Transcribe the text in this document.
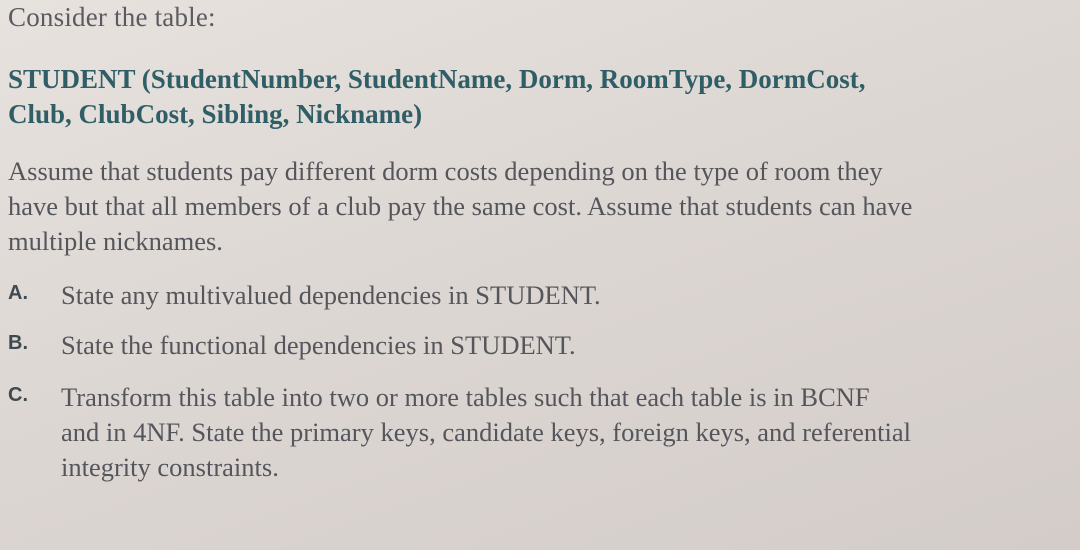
Consider the table:
STUDENT (StudentNumber, StudentName, Dorm, RoomType, DormCost,
Club, ClubCost, Sibling, Nickname)
Assume that students pay different dorm costs depending on the type of room they
have but that all members of a club pay the same cost. Assume that students can have
multiple nicknames.
A. State any multivalued dependencies in STUDENT.
B. State the functional dependencies in STUDENT.
C. Transform this table into two or more tables such that each table is in BCNF
and in 4NF. State the primary keys, candidate keys, foreign keys, and referential
integrity constraints.
